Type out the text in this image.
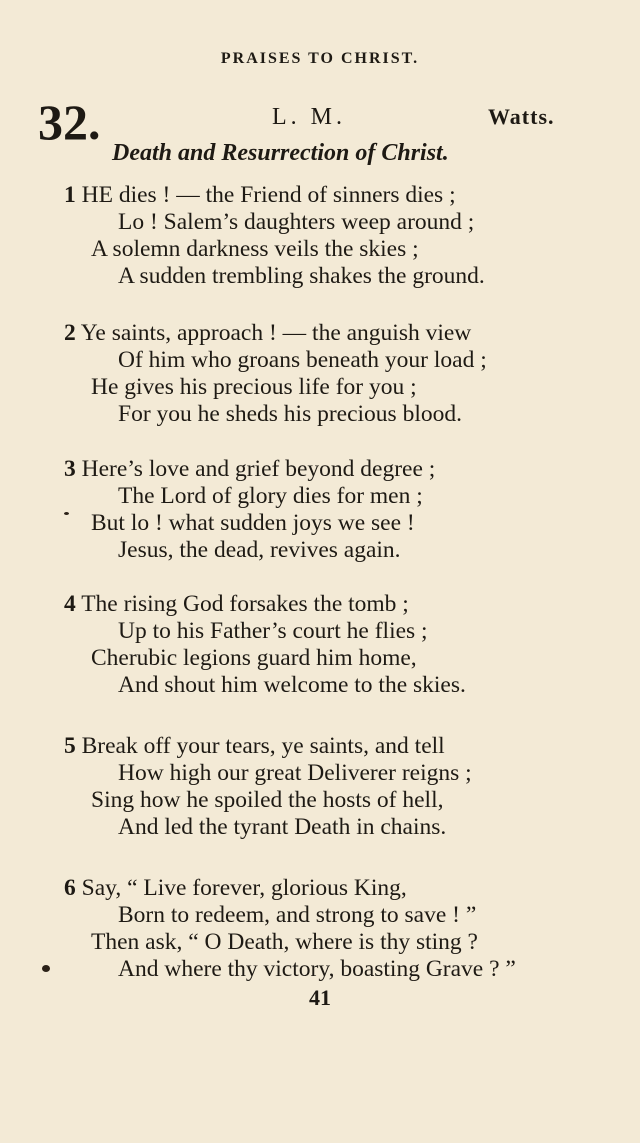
PRAISES TO CHRIST.
32.	L. M.	Watts.
Death and Resurrection of Christ.
1 HE dies ! — the Friend of sinners dies ;
Lo ! Salem’s daughters weep around ;
A solemn darkness veils the skies ;
A sudden trembling shakes the ground.
2 Ye saints, approach ! — the anguish view
Of him who groans beneath your load ;
He gives his precious life for you ;
For you he sheds his precious blood.
3 Here’s love and grief beyond degree ;
The Lord of glory dies for men ;
But lo ! what sudden joys we see !
Jesus, the dead, revives again.
4 The rising God forsakes the tomb ;
Up to his Father’s court he flies ;
Cherubic legions guard him home,
And shout him welcome to the skies.
5 Break off your tears, ye saints, and tell
How high our great Deliverer reigns ;
Sing how he spoiled the hosts of hell,
And led the tyrant Death in chains.
6 Say, “ Live forever, glorious King,
Born to redeem, and strong to save ! ”
Then ask, “ O Death, where is thy sting ?
And where thy victory, boasting Grave ? ”
41
